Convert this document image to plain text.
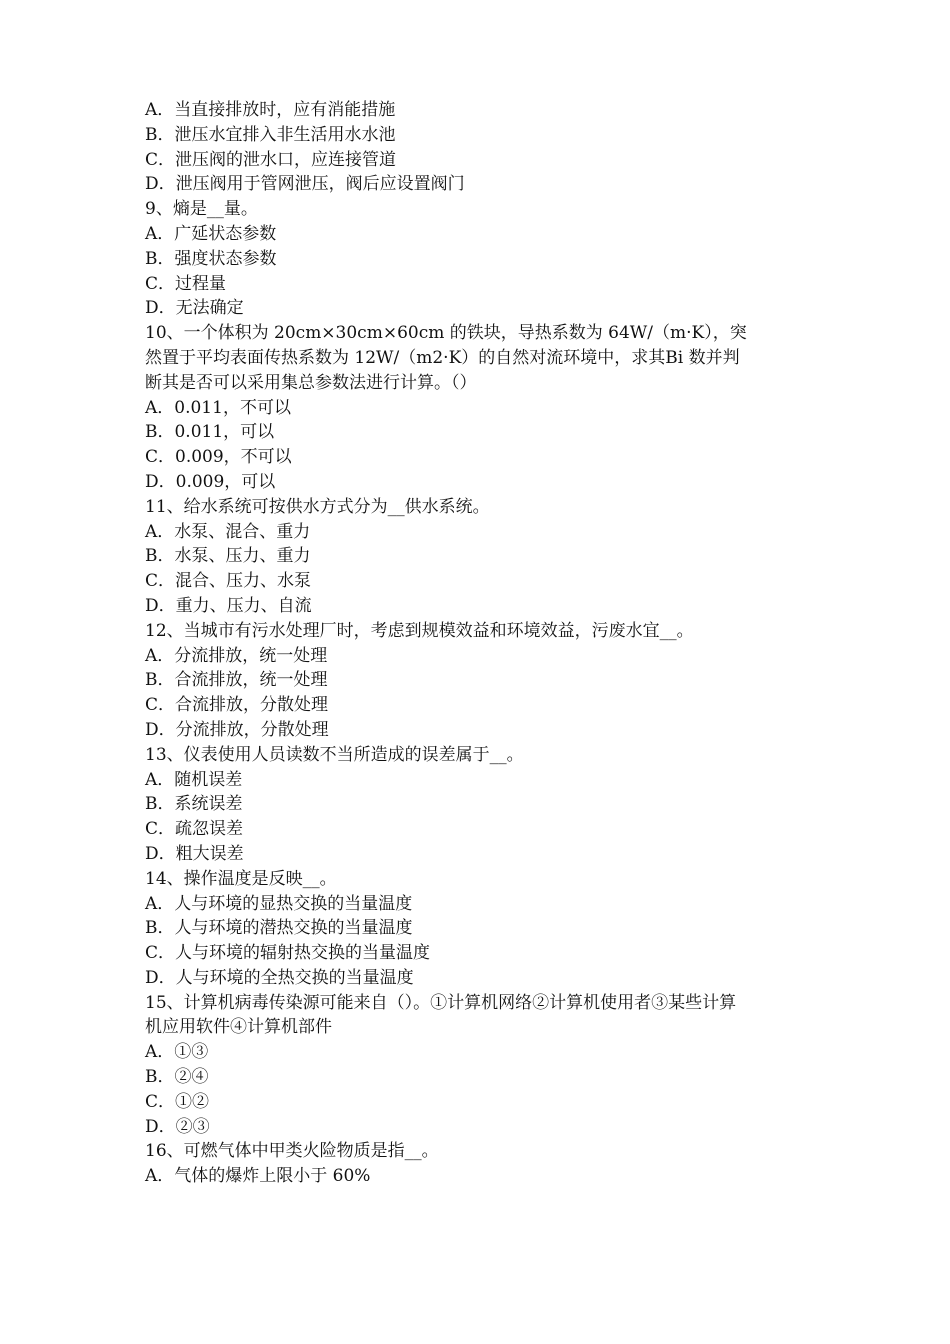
A．当直接排放时，应有消能措施
B．泄压水宜排入非生活用水水池
C．泄压阀的泄水口，应连接管道
D．泄压阀用于管网泄压，阀后应设置阀门
9、熵是__量。
A．广延状态参数
B．强度状态参数
C．过程量
D．无法确定
10、一个体积为 20cm×30cm×60cm 的铁块，导热系数为 64W/（m·K），突
然置于平均表面传热系数为 12W/（m2·K）的自然对流环境中，求其Bi 数并判
断其是否可以采用集总参数法进行计算。（）
A．0.011，不可以
B．0.011，可以
C．0.009，不可以
D．0.009，可以
11、给水系统可按供水方式分为__供水系统。
A．水泵、混合、重力
B．水泵、压力、重力
C．混合、压力、水泵
D．重力、压力、自流
12、当城市有污水处理厂时，考虑到规模效益和环境效益，污废水宜__。
A．分流排放，统一处理
B．合流排放，统一处理
C．合流排放，分散处理
D．分流排放，分散处理
13、仪表使用人员读数不当所造成的误差属于__。
A．随机误差
B．系统误差
C．疏忽误差
D．粗大误差
14、操作温度是反映__。
A．人与环境的显热交换的当量温度
B．人与环境的潜热交换的当量温度
C．人与环境的辐射热交换的当量温度
D．人与环境的全热交换的当量温度
15、计算机病毒传染源可能来自（）。①计算机网络②计算机使用者③某些计算
机应用软件④计算机部件
A．①③
B．②④
C．①②
D．②③
16、可燃气体中甲类火险物质是指__。
A．气体的爆炸上限小于 60%
